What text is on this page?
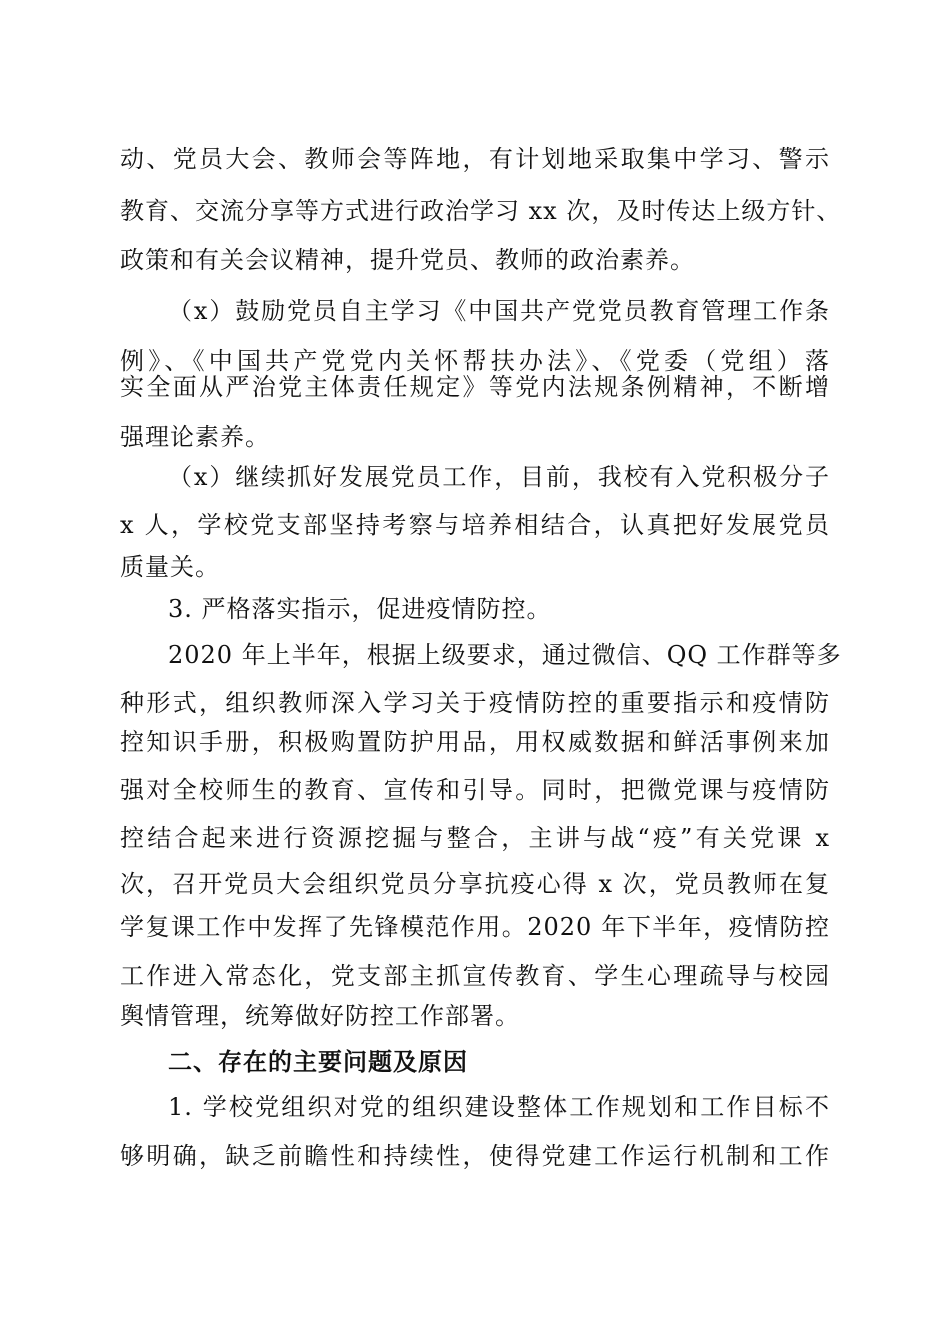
动、党员大会、教师会等阵地，有计划地采取集中学习、警示
教育、交流分享等方式进行政治学习 xx 次，及时传达上级方针、
政策和有关会议精神，提升党员、教师的政治素养。
（x）鼓励党员自主学习《中国共产党党员教育管理工作条
例》、《中国共产党党内关怀帮扶办法》、《党委（党组）落
实全面从严治党主体责任规定》等党内法规条例精神，不断增
强理论素养。
（x）继续抓好发展党员工作，目前，我校有入党积极分子
x 人，学校党支部坚持考察与培养相结合，认真把好发展党员
质量关。
3. 严格落实指示，促进疫情防控。
2020 年上半年，根据上级要求，通过微信、QQ 工作群等多
种形式，组织教师深入学习关于疫情防控的重要指示和疫情防
控知识手册，积极购置防护用品，用权威数据和鲜活事例来加
强对全校师生的教育、宣传和引导。同时，把微党课与疫情防
控结合起来进行资源挖掘与整合，主讲与战“疫”有关党课 x
次，召开党员大会组织党员分享抗疫心得 x 次，党员教师在复
学复课工作中发挥了先锋模范作用。2020 年下半年，疫情防控
工作进入常态化，党支部主抓宣传教育、学生心理疏导与校园
舆情管理，统筹做好防控工作部署。
二、存在的主要问题及原因
1. 学校党组织对党的组织建设整体工作规划和工作目标不
够明确，缺乏前瞻性和持续性，使得党建工作运行机制和工作
